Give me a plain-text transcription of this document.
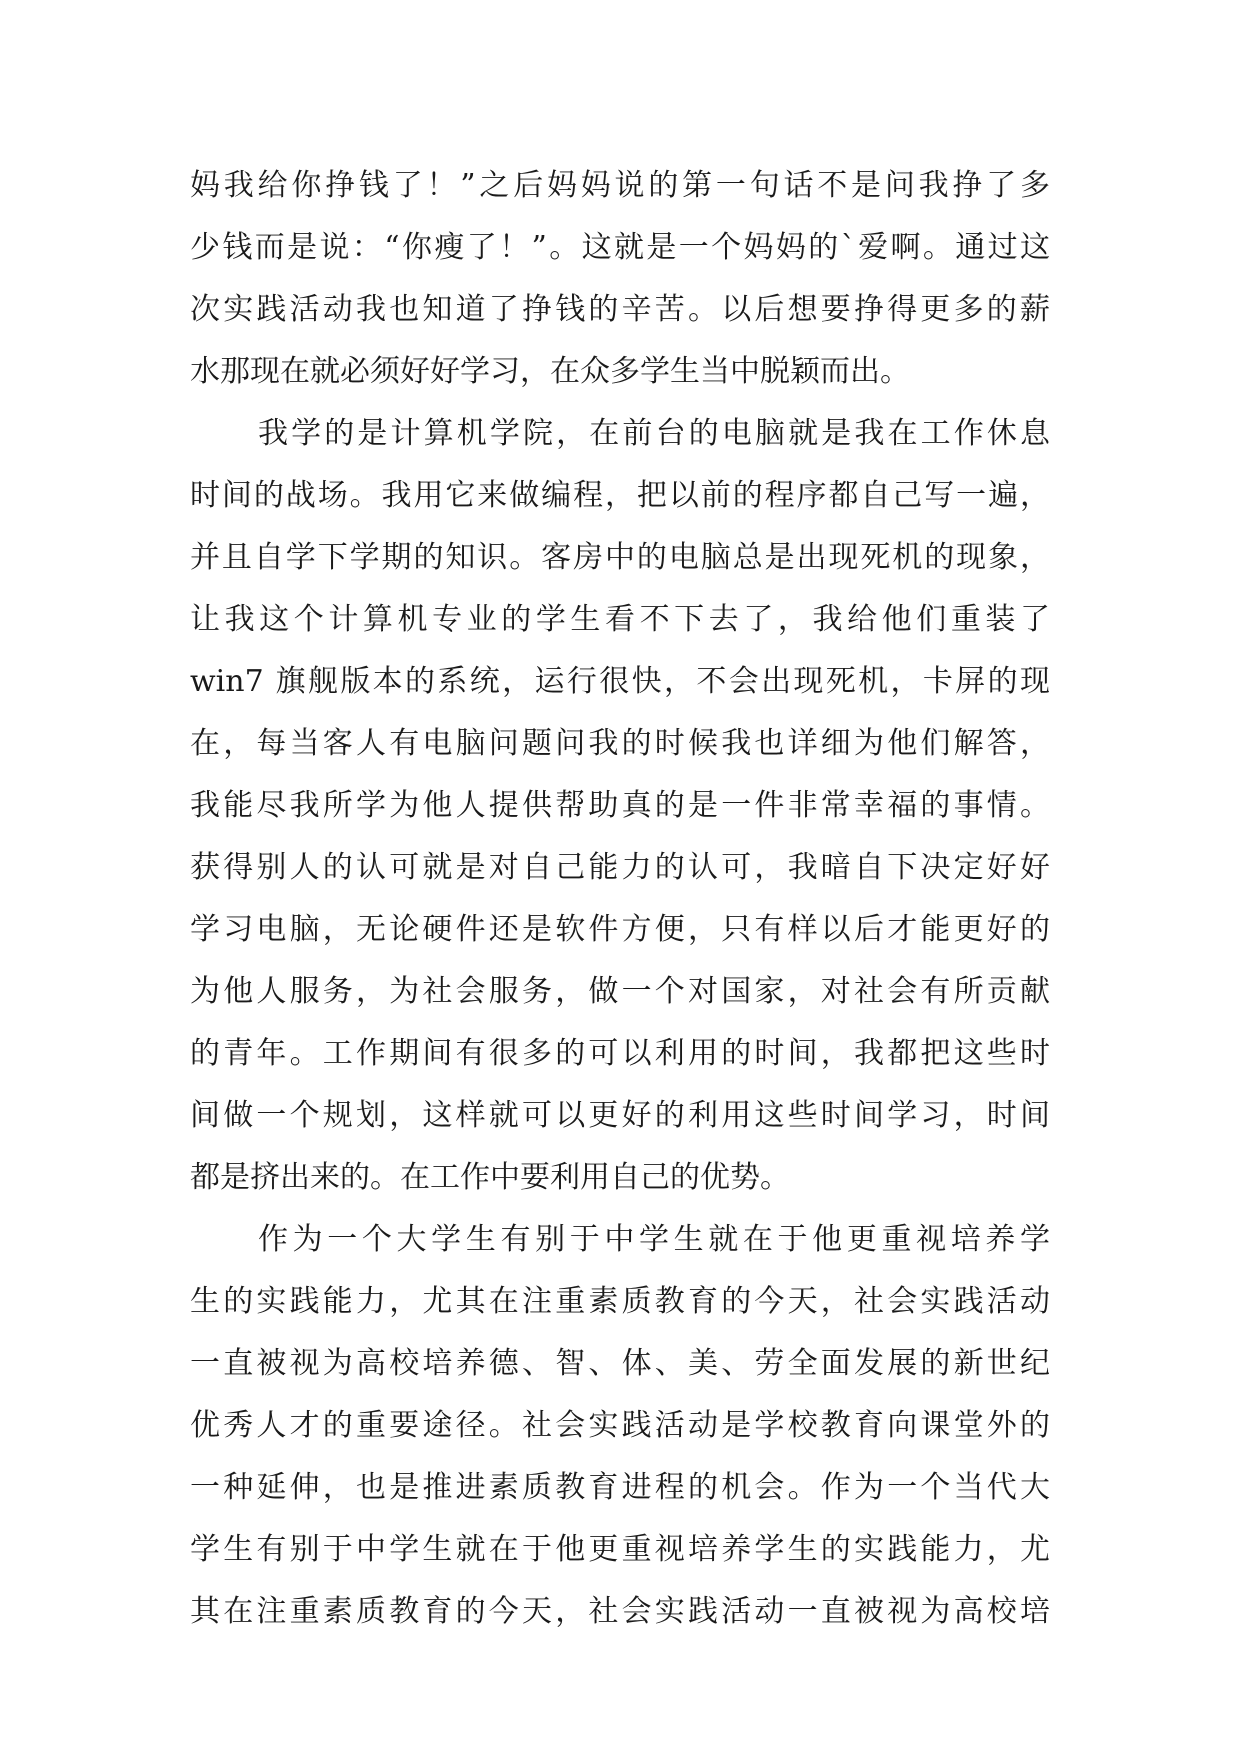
妈我给你挣钱了！”之后妈妈说的第一句话不是问我挣了多
少钱而是说：“你瘦了！”。这就是一个妈妈的`爱啊。通过这
次实践活动我也知道了挣钱的辛苦。以后想要挣得更多的薪
水那现在就必须好好学习，在众多学生当中脱颖而出。
我学的是计算机学院，在前台的电脑就是我在工作休息
时间的战场。我用它来做编程，把以前的程序都自己写一遍，
并且自学下学期的知识。客房中的电脑总是出现死机的现象，
让我这个计算机专业的学生看不下去了，我给他们重装了
win7 旗舰版本的系统，运行很快，不会出现死机，卡屏的现
在，每当客人有电脑问题问我的时候我也详细为他们解答，
我能尽我所学为他人提供帮助真的是一件非常幸福的事情。
获得别人的认可就是对自己能力的认可，我暗自下决定好好
学习电脑，无论硬件还是软件方便，只有样以后才能更好的
为他人服务，为社会服务，做一个对国家，对社会有所贡献
的青年。工作期间有很多的可以利用的时间，我都把这些时
间做一个规划，这样就可以更好的利用这些时间学习，时间
都是挤出来的。在工作中要利用自己的优势。
作为一个大学生有别于中学生就在于他更重视培养学
生的实践能力，尤其在注重素质教育的今天，社会实践活动
一直被视为高校培养德、智、体、美、劳全面发展的新世纪
优秀人才的重要途径。社会实践活动是学校教育向课堂外的
一种延伸，也是推进素质教育进程的机会。作为一个当代大
学生有别于中学生就在于他更重视培养学生的实践能力，尤
其在注重素质教育的今天，社会实践活动一直被视为高校培
